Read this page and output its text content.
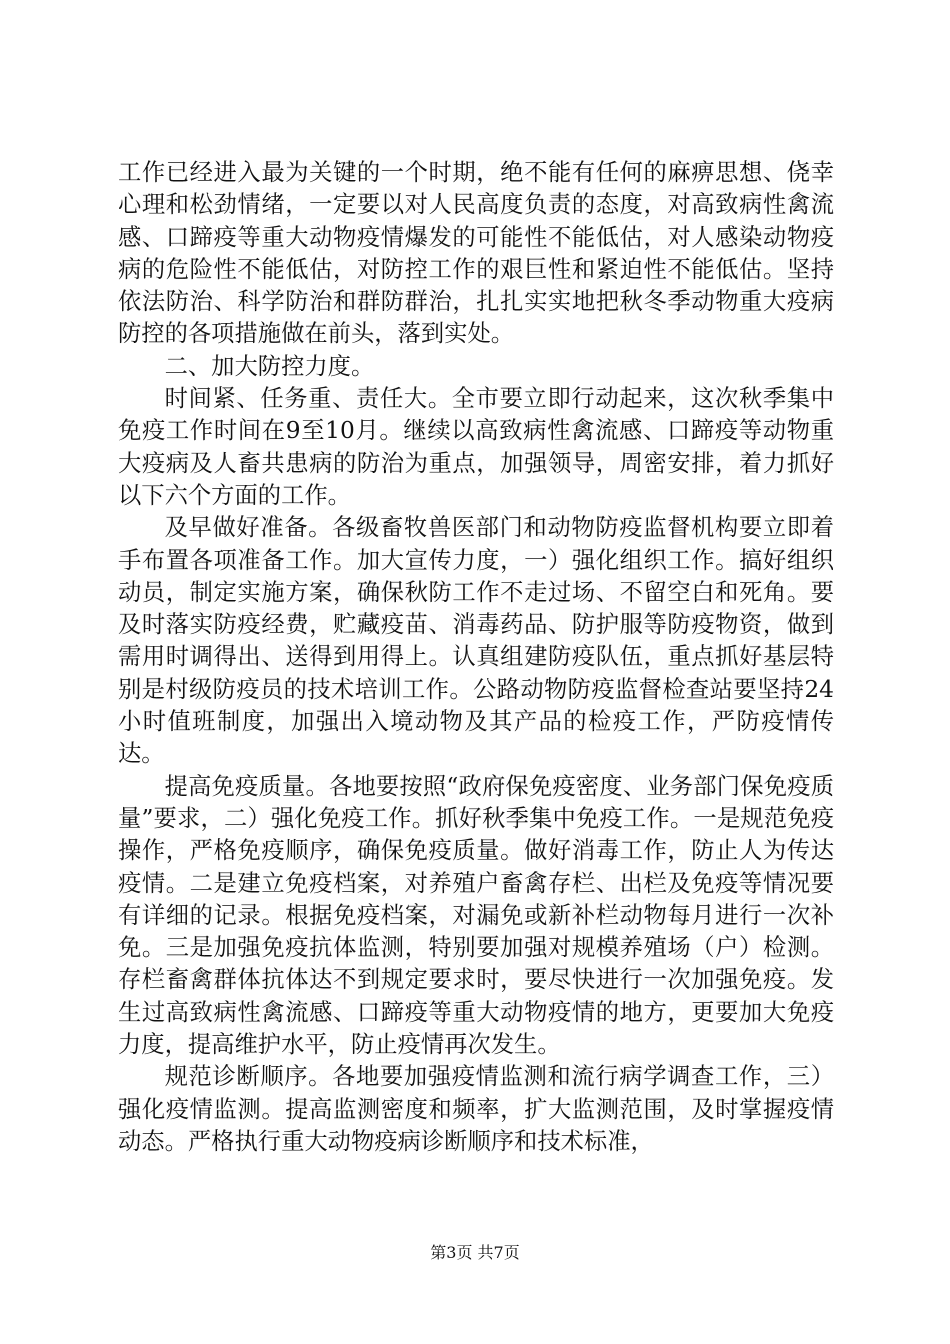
工作已经进入最为关键的一个时期，绝不能有任何的麻痹思想、侥幸心理和松劲情绪，一定要以对人民高度负责的态度，对高致病性禽流感、口蹄疫等重大动物疫情爆发的可能性不能低估，对人感染动物疫病的危险性不能低估，对防控工作的艰巨性和紧迫性不能低估。坚持依法防治、科学防治和群防群治，扎扎实实地把秋冬季动物重大疫病防控的各项措施做在前头，落到实处。

二、加大防控力度。

时间紧、任务重、责任大。全市要立即行动起来，这次秋季集中免疫工作时间在9至10月。继续以高致病性禽流感、口蹄疫等动物重大疫病及人畜共患病的防治为重点，加强领导，周密安排，着力抓好以下六个方面的工作。

及早做好准备。各级畜牧兽医部门和动物防疫监督机构要立即着手布置各项准备工作。加大宣传力度，一）强化组织工作。搞好组织动员，制定实施方案，确保秋防工作不走过场、不留空白和死角。要及时落实防疫经费，贮藏疫苗、消毒药品、防护服等防疫物资，做到需用时调得出、送得到用得上。认真组建防疫队伍，重点抓好基层特别是村级防疫员的技术培训工作。公路动物防疫监督检查站要坚持24小时值班制度，加强出入境动物及其产品的检疫工作，严防疫情传达。

提高免疫质量。各地要按照“政府保免疫密度、业务部门保免疫质量”要求，二）强化免疫工作。抓好秋季集中免疫工作。一是规范免疫操作，严格免疫顺序，确保免疫质量。做好消毒工作，防止人为传达疫情。二是建立免疫档案，对养殖户畜禽存栏、出栏及免疫等情况要有详细的记录。根据免疫档案，对漏免或新补栏动物每月进行一次补免。三是加强免疫抗体监测，特别要加强对规模养殖场（户）检测。存栏畜禽群体抗体达不到规定要求时，要尽快进行一次加强免疫。发生过高致病性禽流感、口蹄疫等重大动物疫情的地方，更要加大免疫力度，提高维护水平，防止疫情再次发生。

规范诊断顺序。各地要加强疫情监测和流行病学调查工作，三）强化疫情监测。提高监测密度和频率，扩大监测范围，及时掌握疫情动态。严格执行重大动物疫病诊断顺序和技术标准，

第3页 共7页
